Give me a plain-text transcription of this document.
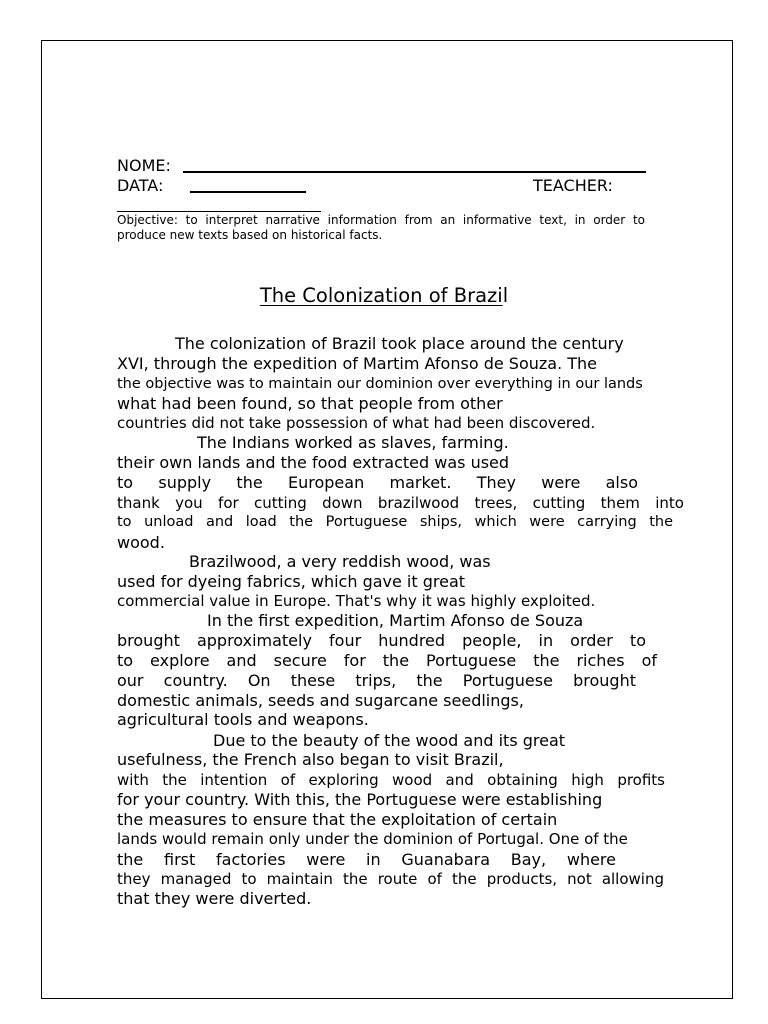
NOME:
DATA:	TEACHER:
Objective: to interpret narrative information from an informative text, in order to produce new texts based on historical facts.
The Colonization of Brazil
The colonization of Brazil took place around the century
XVI, through the expedition of Martim Afonso de Souza. The
the objective was to maintain our dominion over everything in our lands
what had been found, so that people from other
countries did not take possession of what had been discovered.
The Indians worked as slaves, farming.
their own lands and the food extracted was used
to supply the European market. They were also
thank you for cutting down brazilwood trees, cutting them into
to unload and load the Portuguese ships, which were carrying the
wood.
Brazilwood, a very reddish wood, was
used for dyeing fabrics, which gave it great
commercial value in Europe. That's why it was highly exploited.
In the first expedition, Martim Afonso de Souza
brought approximately four hundred people, in order to
to explore and secure for the Portuguese the riches of
our country. On these trips, the Portuguese brought
domestic animals, seeds and sugarcane seedlings,
agricultural tools and weapons.
Due to the beauty of the wood and its great
usefulness, the French also began to visit Brazil,
with the intention of exploring wood and obtaining high profits
for your country. With this, the Portuguese were establishing
the measures to ensure that the exploitation of certain
lands would remain only under the dominion of Portugal. One of the
the first factories were in Guanabara Bay, where
they managed to maintain the route of the products, not allowing
that they were diverted.
